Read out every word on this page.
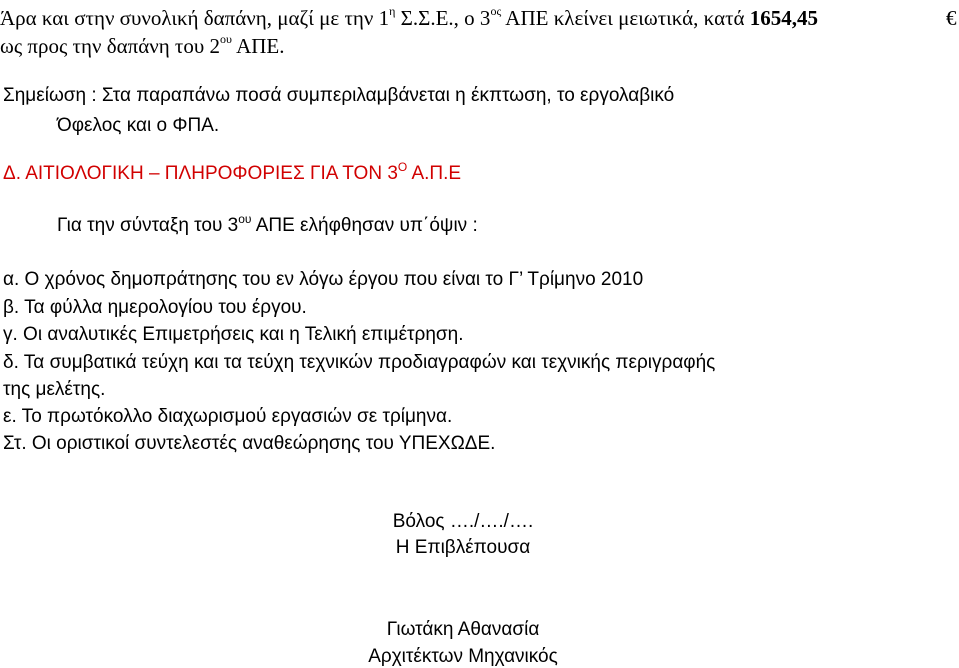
Άρα και στην συνολική δαπάνη, μαζί με την $1^\eta$ Σ.Σ.Ε., ο $3^{o\varsigma}$ ΑΠΕ κλείνει μειωτικά, κατά 1654,45	€
ως προς την δαπάνη του $2^{o\upsilon}$ ΑΠΕ.
Σημείωση : Στα παραπάνω ποσά συμπεριλαμβάνεται η έκπτωση, το εργολαβικό
Όφελος και ο ΦΠΑ.
Δ. ΑΙΤΙΟΛΟΓΙΚΗ – ΠΛΗΡΟΦΟΡΙΕΣ ΓΙΑ ΤΟΝ $3^O$ Α.Π.Ε
Για την σύνταξη του $3^{o\upsilon}$ ΑΠΕ ελήφθησαν υπ΄όψιν :
α. Ο χρόνος δημοπράτησης του εν λόγω έργου που είναι το Γ’ Τρίμηνο 2010
β. Τα φύλλα ημερολογίου του έργου.
γ. Οι αναλυτικές Επιμετρήσεις και η Τελική επιμέτρηση.
δ. Τα συμβατικά τεύχη και τα τεύχη τεχνικών προδιαγραφών και τεχνικής περιγραφής
της μελέτης.
ε. Το πρωτόκολλο διαχωρισμού εργασιών σε τρίμηνα.
Στ. Οι οριστικοί συντελεστές αναθεώρησης του ΥΠΕΧΩΔΕ.
Βόλος …./…./….
Η Επιβλέπουσα
Γιωτάκη Αθανασία
Αρχιτέκτων Μηχανικός
